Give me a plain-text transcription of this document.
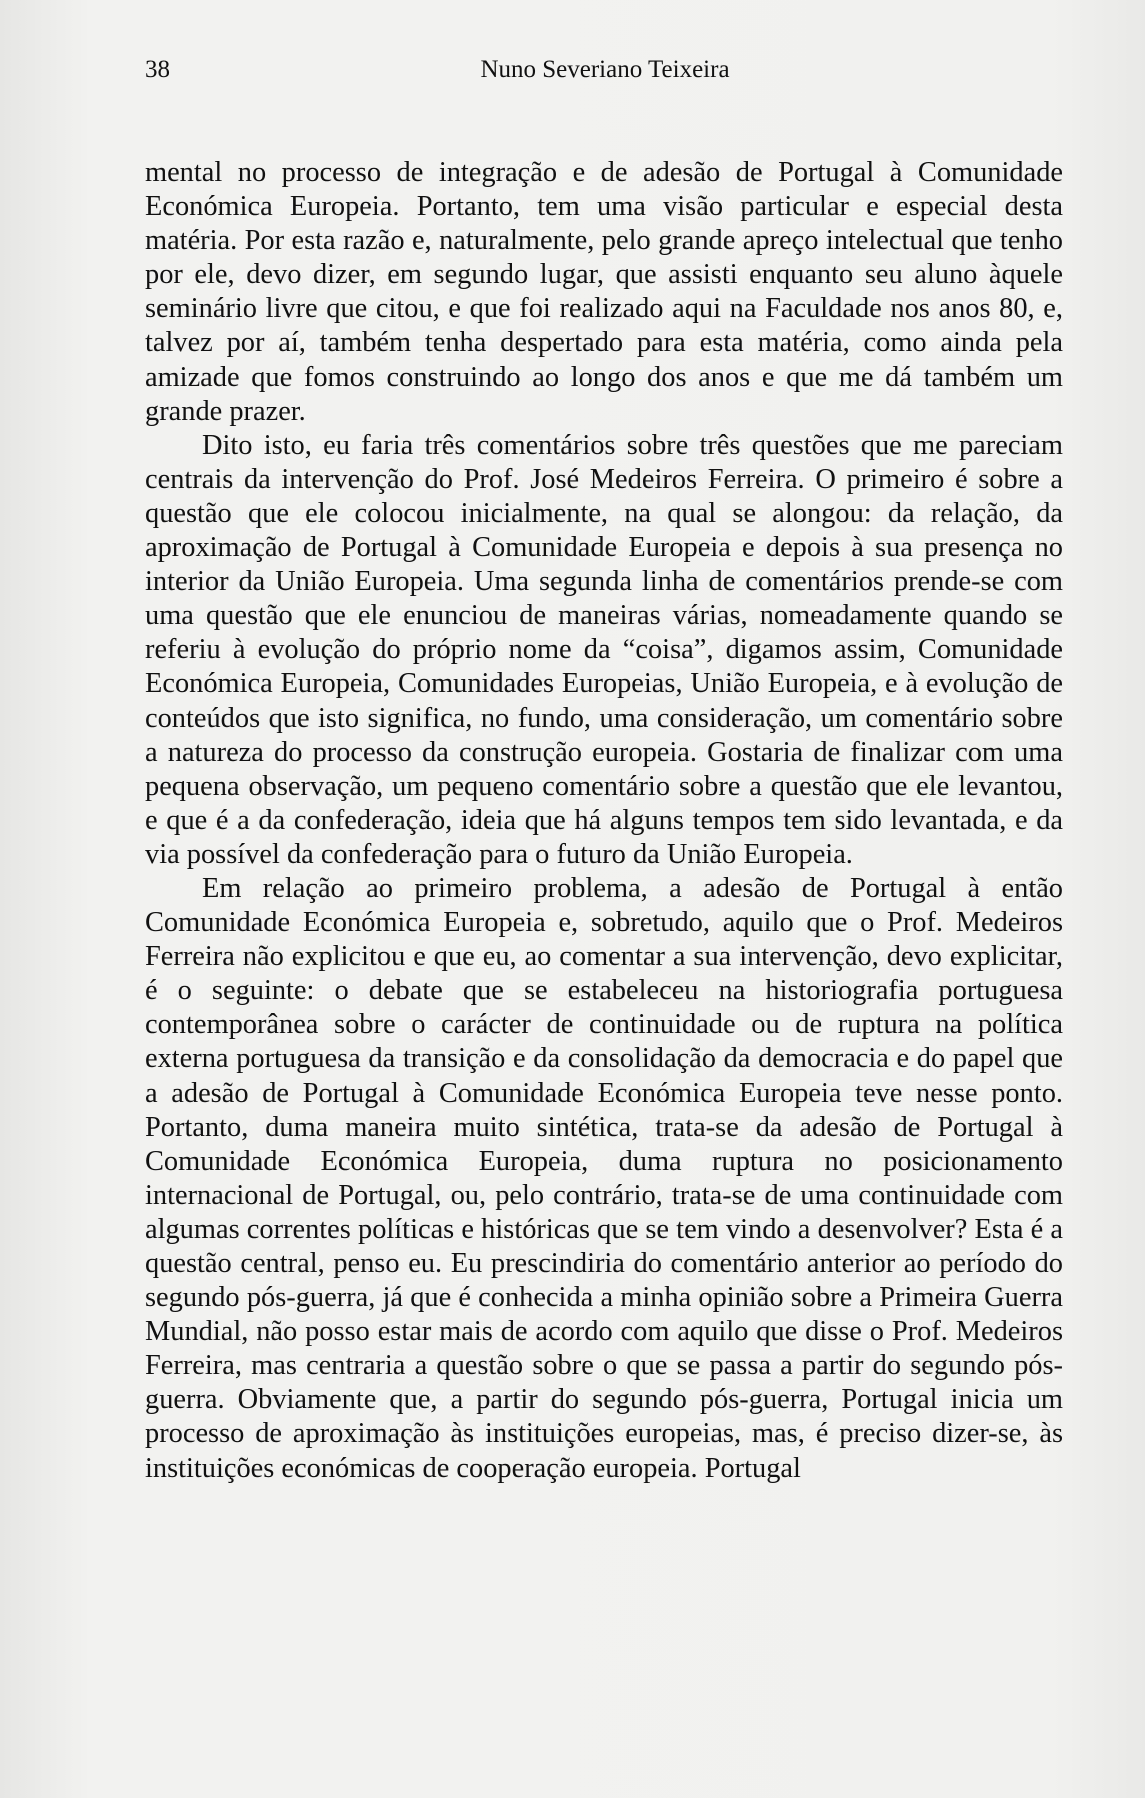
38	Nuno Severiano Teixeira

mental no processo de integração e de adesão de Portugal à Comunidade Económica Europeia. Portanto, tem uma visão particular e especial desta matéria. Por esta razão e, naturalmente, pelo grande apreço intelectual que tenho por ele, devo dizer, em segundo lugar, que assisti enquanto seu aluno àquele seminário livre que citou, e que foi realizado aqui na Faculdade nos anos 80, e, talvez por aí, também tenha despertado para esta matéria, como ainda pela amizade que fomos construindo ao longo dos anos e que me dá também um grande prazer.

Dito isto, eu faria três comentários sobre três questões que me pareciam centrais da intervenção do Prof. José Medeiros Ferreira. O primeiro é sobre a questão que ele colocou inicialmente, na qual se alongou: da relação, da aproximação de Portugal à Comunidade Europeia e depois à sua presença no interior da União Europeia. Uma segunda linha de comentários prende-se com uma questão que ele enunciou de maneiras várias, nomeadamente quando se referiu à evolução do próprio nome da “coisa”, digamos assim, Comunidade Económica Europeia, Comunidades Europeias, União Europeia, e à evolução de conteúdos que isto significa, no fundo, uma consideração, um comentário sobre a natureza do processo da construção europeia. Gostaria de finalizar com uma pequena observação, um pequeno comentário sobre a questão que ele levantou, e que é a da confederação, ideia que há alguns tempos tem sido levantada, e da via possível da confederação para o futuro da União Europeia.

Em relação ao primeiro problema, a adesão de Portugal à então Comunidade Económica Europeia e, sobretudo, aquilo que o Prof. Medeiros Ferreira não explicitou e que eu, ao comentar a sua intervenção, devo explicitar, é o seguinte: o debate que se estabeleceu na historiografia portuguesa contemporânea sobre o carácter de continuidade ou de ruptura na política externa portuguesa da transição e da consolidação da democracia e do papel que a adesão de Portugal à Comunidade Económica Europeia teve nesse ponto. Portanto, duma maneira muito sintética, trata-se da adesão de Portugal à Comunidade Económica Europeia, duma ruptura no posicionamento internacional de Portugal, ou, pelo contrário, trata-se de uma continuidade com algumas correntes políticas e históricas que se tem vindo a desenvolver? Esta é a questão central, penso eu. Eu prescindiria do comentário anterior ao período do segundo pós-guerra, já que é conhecida a minha opinião sobre a Primeira Guerra Mundial, não posso estar mais de acordo com aquilo que disse o Prof. Medeiros Ferreira, mas centraria a questão sobre o que se passa a partir do segundo pósguerra. Obviamente que, a partir do segundo pós-guerra, Portugal inicia um processo de aproximação às instituições europeias, mas, é preciso dizer-se, às instituições económicas de cooperação europeia. Portugal
